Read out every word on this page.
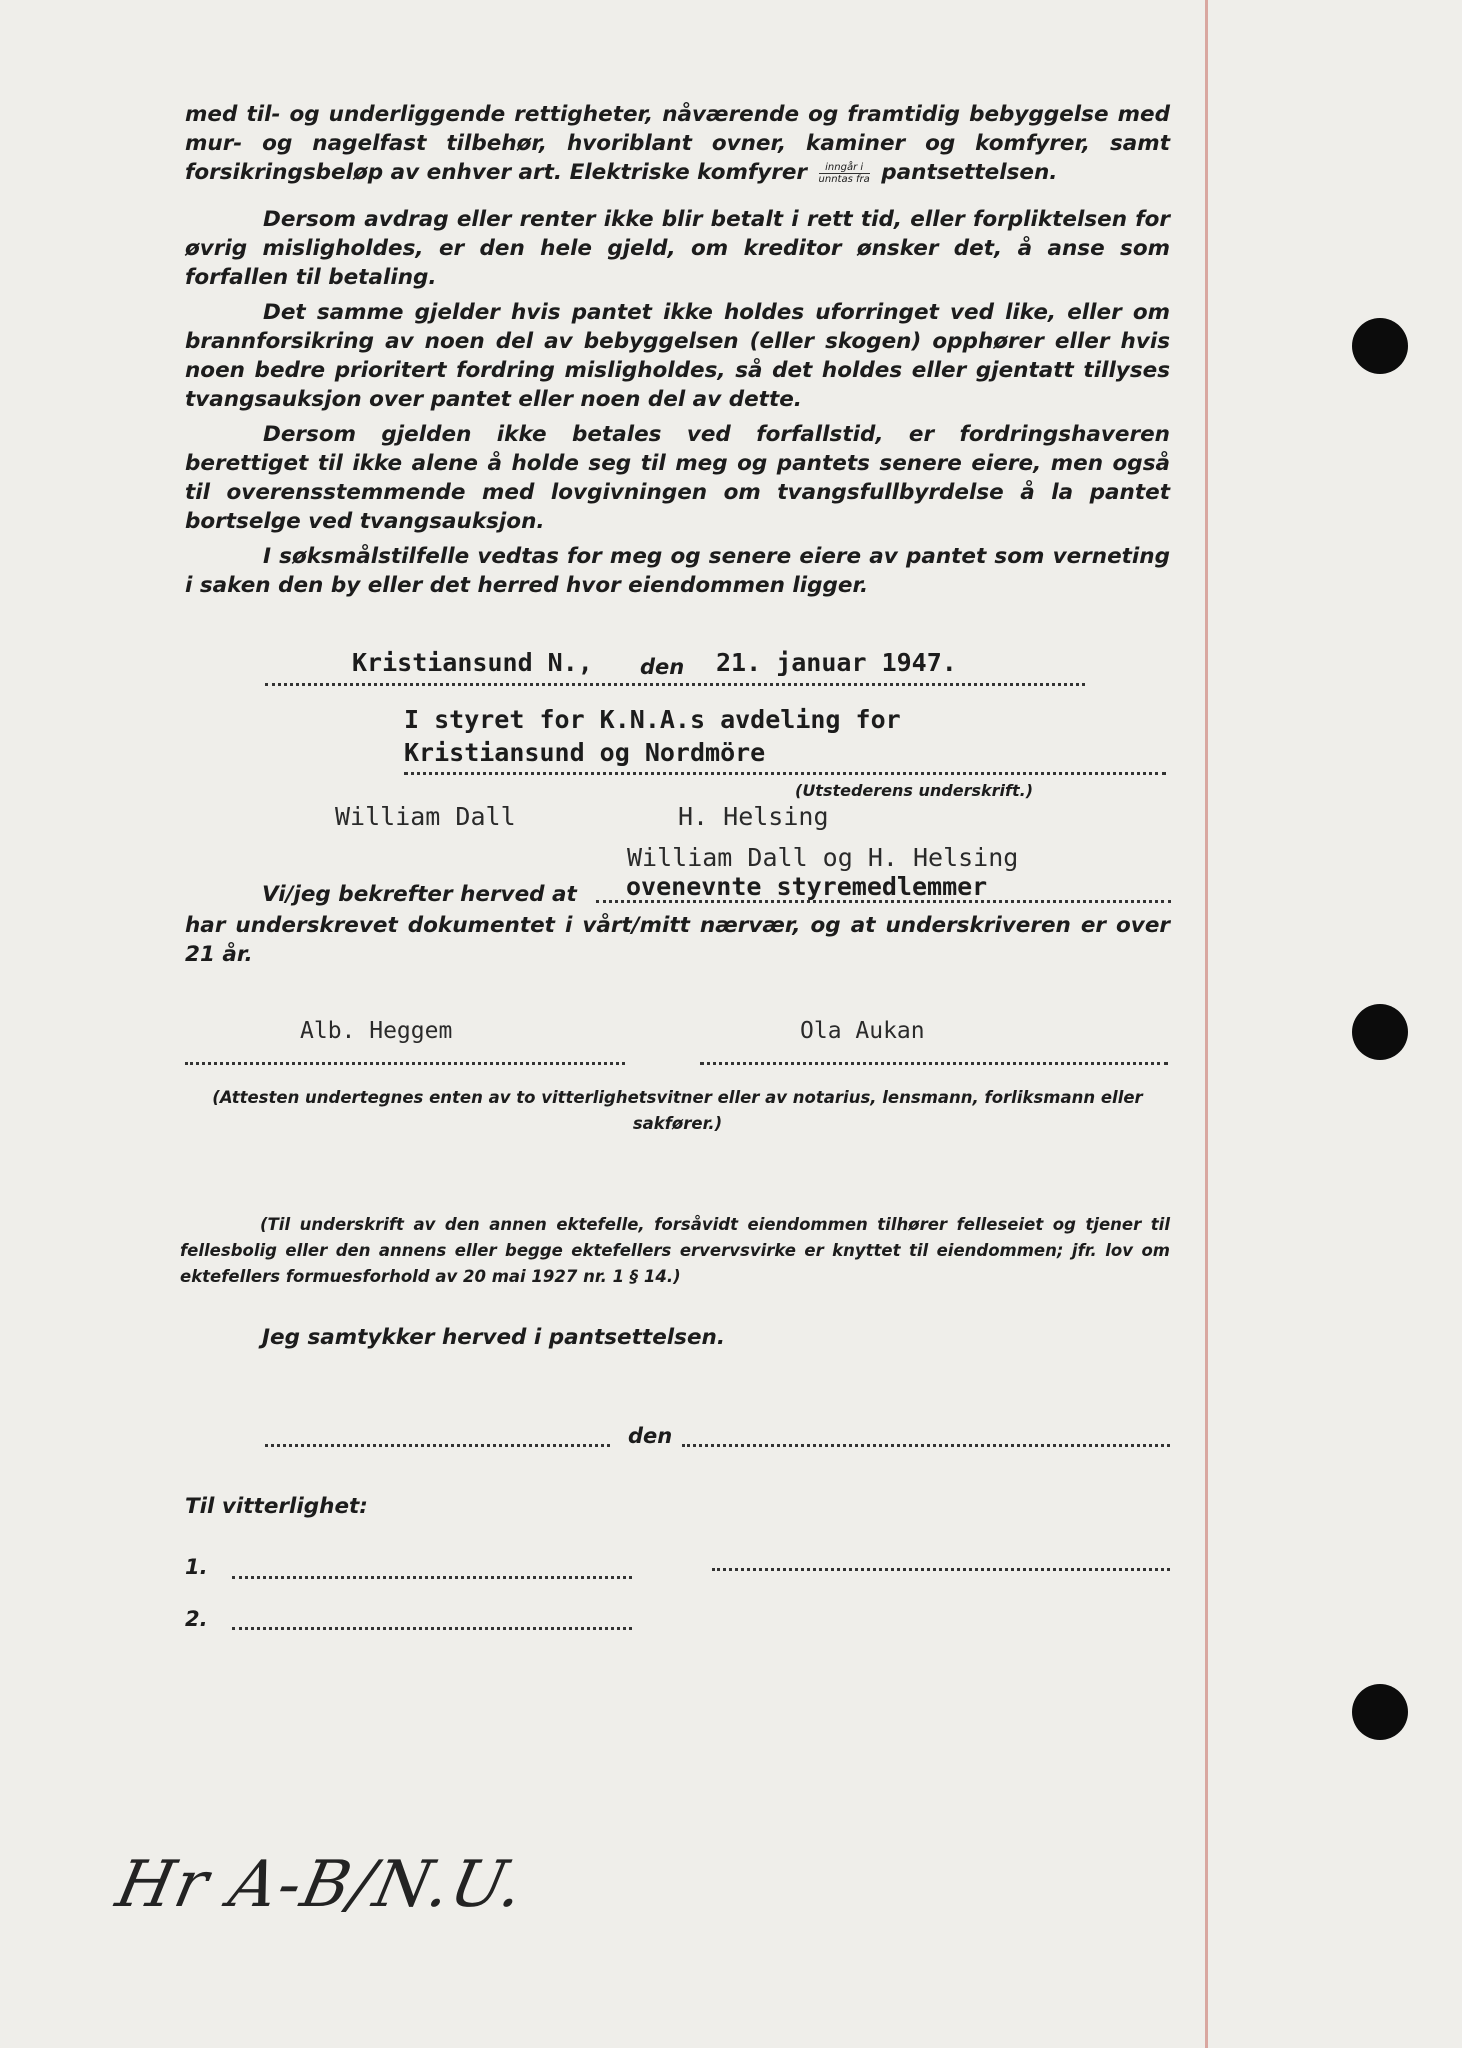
med til- og underliggende rettigheter, nåværende og framtidig bebyggelse med mur- og nagelfast tilbehør, hvoriblant ovner, kaminer og komfyrer, samt forsikringsbeløp av enhver art. Elektriske komfyrer $\frac{\text{inngår i}}{\text{unntas fra}}$ pantsettelsen.

Dersom avdrag eller renter ikke blir betalt i rett tid, eller forpliktelsen for øvrig misligholdes, er den hele gjeld, om kreditor ønsker det, å anse som forfallen til betaling.

Det samme gjelder hvis pantet ikke holdes uforringet ved like, eller om brannforsikring av noen del av bebyggelsen (eller skogen) opphører eller hvis noen bedre prioritert fordring misligholdes, så det holdes eller gjentatt tillyses tvangsauksjon over pantet eller noen del av dette.

Dersom gjelden ikke betales ved forfallstid, er fordringshaveren berettiget til ikke alene å holde seg til meg og pantets senere eiere, men også til overensstemmende med lovgivningen om tvangsfullbyrdelse å la pantet bortselge ved tvangsauksjon.

I søksmålstilfelle vedtas for meg og senere eiere av pantet som verneting i saken den by eller det herred hvor eiendommen ligger.

Kristiansund N., den 21. januar 1947.
I styret for K.N.A.s avdeling for
Kristiansund og Nordmöre
(Utstederens underskrift.)
William Dall	H. Helsing
William Dall og H. Helsing
Vi/jeg bekrefter herved at ovenevnte styremedlemmer

har underskrevet dokumentet i vårt/mitt nærvær, og at underskriveren er over 21 år.

Alb. Heggem	Ola Aukan

(Attesten undertegnes enten av to vitterlighetsvitner eller av notarius, lensmann, forliksmann eller sakfører.)

(Til underskrift av den annen ektefelle, forsåvidt eiendommen tilhører felleseiet og tjener til fellesbolig eller den annens eller begge ektefellers ervervsvirke er knyttet til eiendommen; jfr. lov om ektefellers formuesforhold av 20 mai 1927 nr. 1 § 14.)

Jeg samtykker herved i pantsettelsen.
den
Til vitterlighet:
1.
2.
Hr A-B/N.U.
